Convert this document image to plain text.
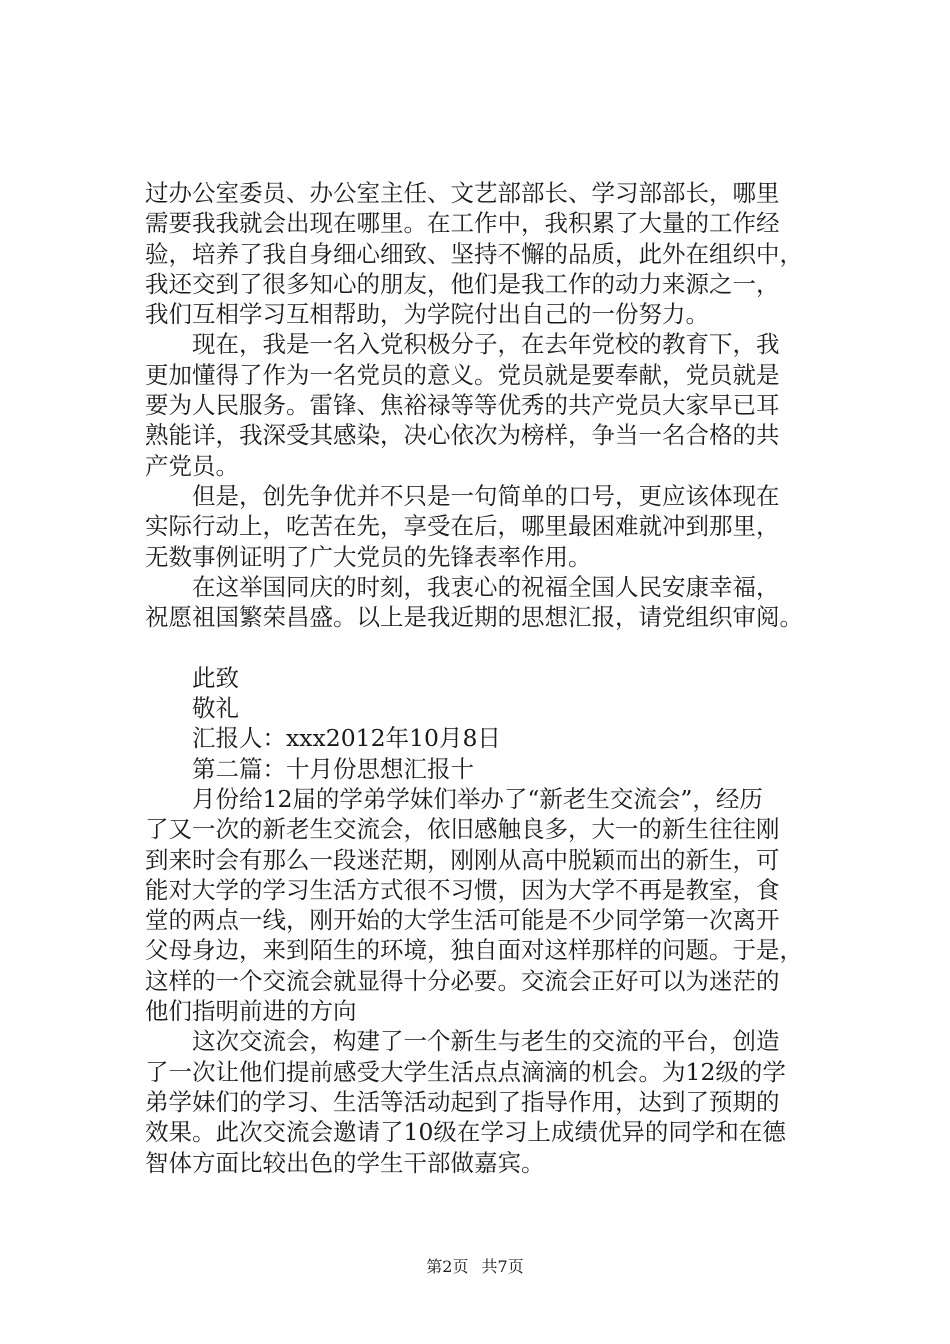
过办公室委员、办公室主任、文艺部部长、学习部部长，哪里
需要我我就会出现在哪里。在工作中，我积累了大量的工作经
验，培养了我自身细心细致、坚持不懈的品质，此外在组织中，
我还交到了很多知心的朋友，他们是我工作的动力来源之一，
我们互相学习互相帮助，为学院付出自己的一份努力。
　　现在，我是一名入党积极分子，在去年党校的教育下，我
更加懂得了作为一名党员的意义。党员就是要奉献，党员就是
要为人民服务。雷锋、焦裕禄等等优秀的共产党员大家早已耳
熟能详，我深受其感染，决心依次为榜样，争当一名合格的共
产党员。
　　但是，创先争优并不只是一句简单的口号，更应该体现在
实际行动上，吃苦在先，享受在后，哪里最困难就冲到那里，
无数事例证明了广大党员的先锋表率作用。
　　在这举国同庆的时刻，我衷心的祝福全国人民安康幸福，
祝愿祖国繁荣昌盛。以上是我近期的思想汇报，请党组织审阅。
　　此致
　　敬礼
　　汇报人：xxx2012年10月8日
　　第二篇：十月份思想汇报十
　　月份给12届的学弟学妹们举办了“新老生交流会”，经历
了又一次的新老生交流会，依旧感触良多，大一的新生往往刚
到来时会有那么一段迷茫期，刚刚从高中脱颖而出的新生，可
能对大学的学习生活方式很不习惯，因为大学不再是教室，食
堂的两点一线，刚开始的大学生活可能是不少同学第一次离开
父母身边，来到陌生的环境，独自面对这样那样的问题。于是，
这样的一个交流会就显得十分必要。交流会正好可以为迷茫的
他们指明前进的方向
　　这次交流会，构建了一个新生与老生的交流的平台，创造
了一次让他们提前感受大学生活点点滴滴的机会。为12级的学
弟学妹们的学习、生活等活动起到了指导作用，达到了预期的
效果。此次交流会邀请了10级在学习上成绩优异的同学和在德
智体方面比较出色的学生干部做嘉宾。
第2页 共7页
